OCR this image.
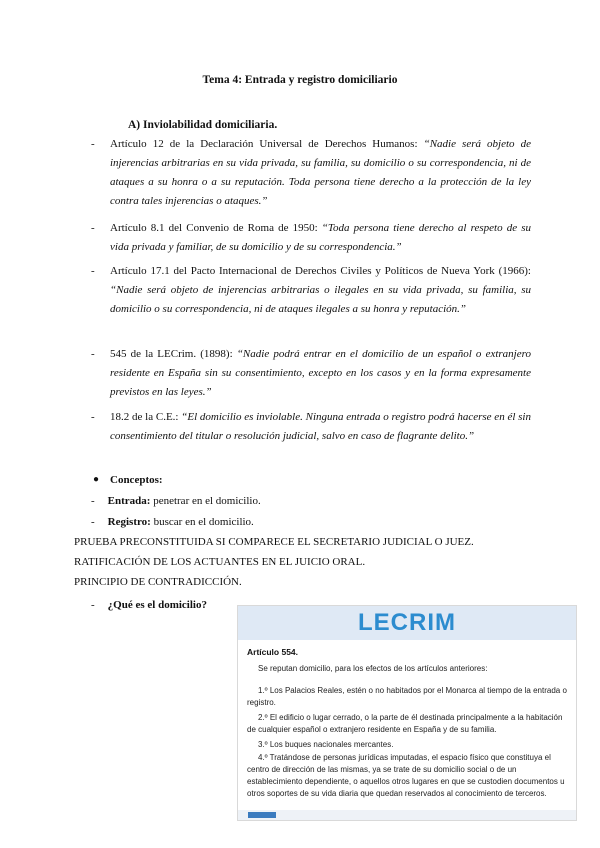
Tema 4: Entrada y registro domiciliario
A) Inviolabilidad domiciliaria.
- Artículo 12 de la Declaración Universal de Derechos Humanos: “Nadie será objeto de injerencias arbitrarias en su vida privada, su familia, su domicilio o su correspondencia, ni de ataques a su honra o a su reputación. Toda persona tiene derecho a la protección de la ley contra tales injerencias o ataques.”
- Artículo 8.1 del Convenio de Roma de 1950: “Toda persona tiene derecho al respeto de su vida privada y familiar, de su domicilio y de su correspondencia.”
- Artículo 17.1 del Pacto Internacional de Derechos Civiles y Políticos de Nueva York (1966): “Nadie será objeto de injerencias arbitrarias o ilegales en su vida privada, su familia, su domicilio o su correspondencia, ni de ataques ilegales a su honra y reputación.”
- 545 de la LECrim. (1898): “Nadie podrá entrar en el domicilio de un español o extranjero residente en España sin su consentimiento, excepto en los casos y en la forma expresamente previstos en las leyes.”
- 18.2 de la C.E.: “El domicilio es inviolable. Ninguna entrada o registro podrá hacerse en él sin consentimiento del titular o resolución judicial, salvo en caso de flagrante delito.”
● Conceptos:
- Entrada: penetrar en el domicilio.
- Registro: buscar en el domicilio.
PRUEBA PRECONSTITUIDA SI COMPARECE EL SECRETARIO JUDICIAL O JUEZ.
RATIFICACIÓN DE LOS ACTUANTES EN EL JUICIO ORAL.
PRINCIPIO DE CONTRADICCIÓN.
- ¿Qué es el domicilio?
LECRIM
Artículo 554.
Se reputan domicilio, para los efectos de los artículos anteriores:
1.º Los Palacios Reales, estén o no habitados por el Monarca al tiempo de la entrada o registro.
2.º El edificio o lugar cerrado, o la parte de él destinada principalmente a la habitación de cualquier español o extranjero residente en España y de su familia.
3.º Los buques nacionales mercantes.
4.º Tratándose de personas jurídicas imputadas, el espacio físico que constituya el centro de dirección de las mismas, ya se trate de su domicilio social o de un establecimiento dependiente, o aquellos otros lugares en que se custodien documentos u otros soportes de su vida diaria que quedan reservados al conocimiento de terceros.
